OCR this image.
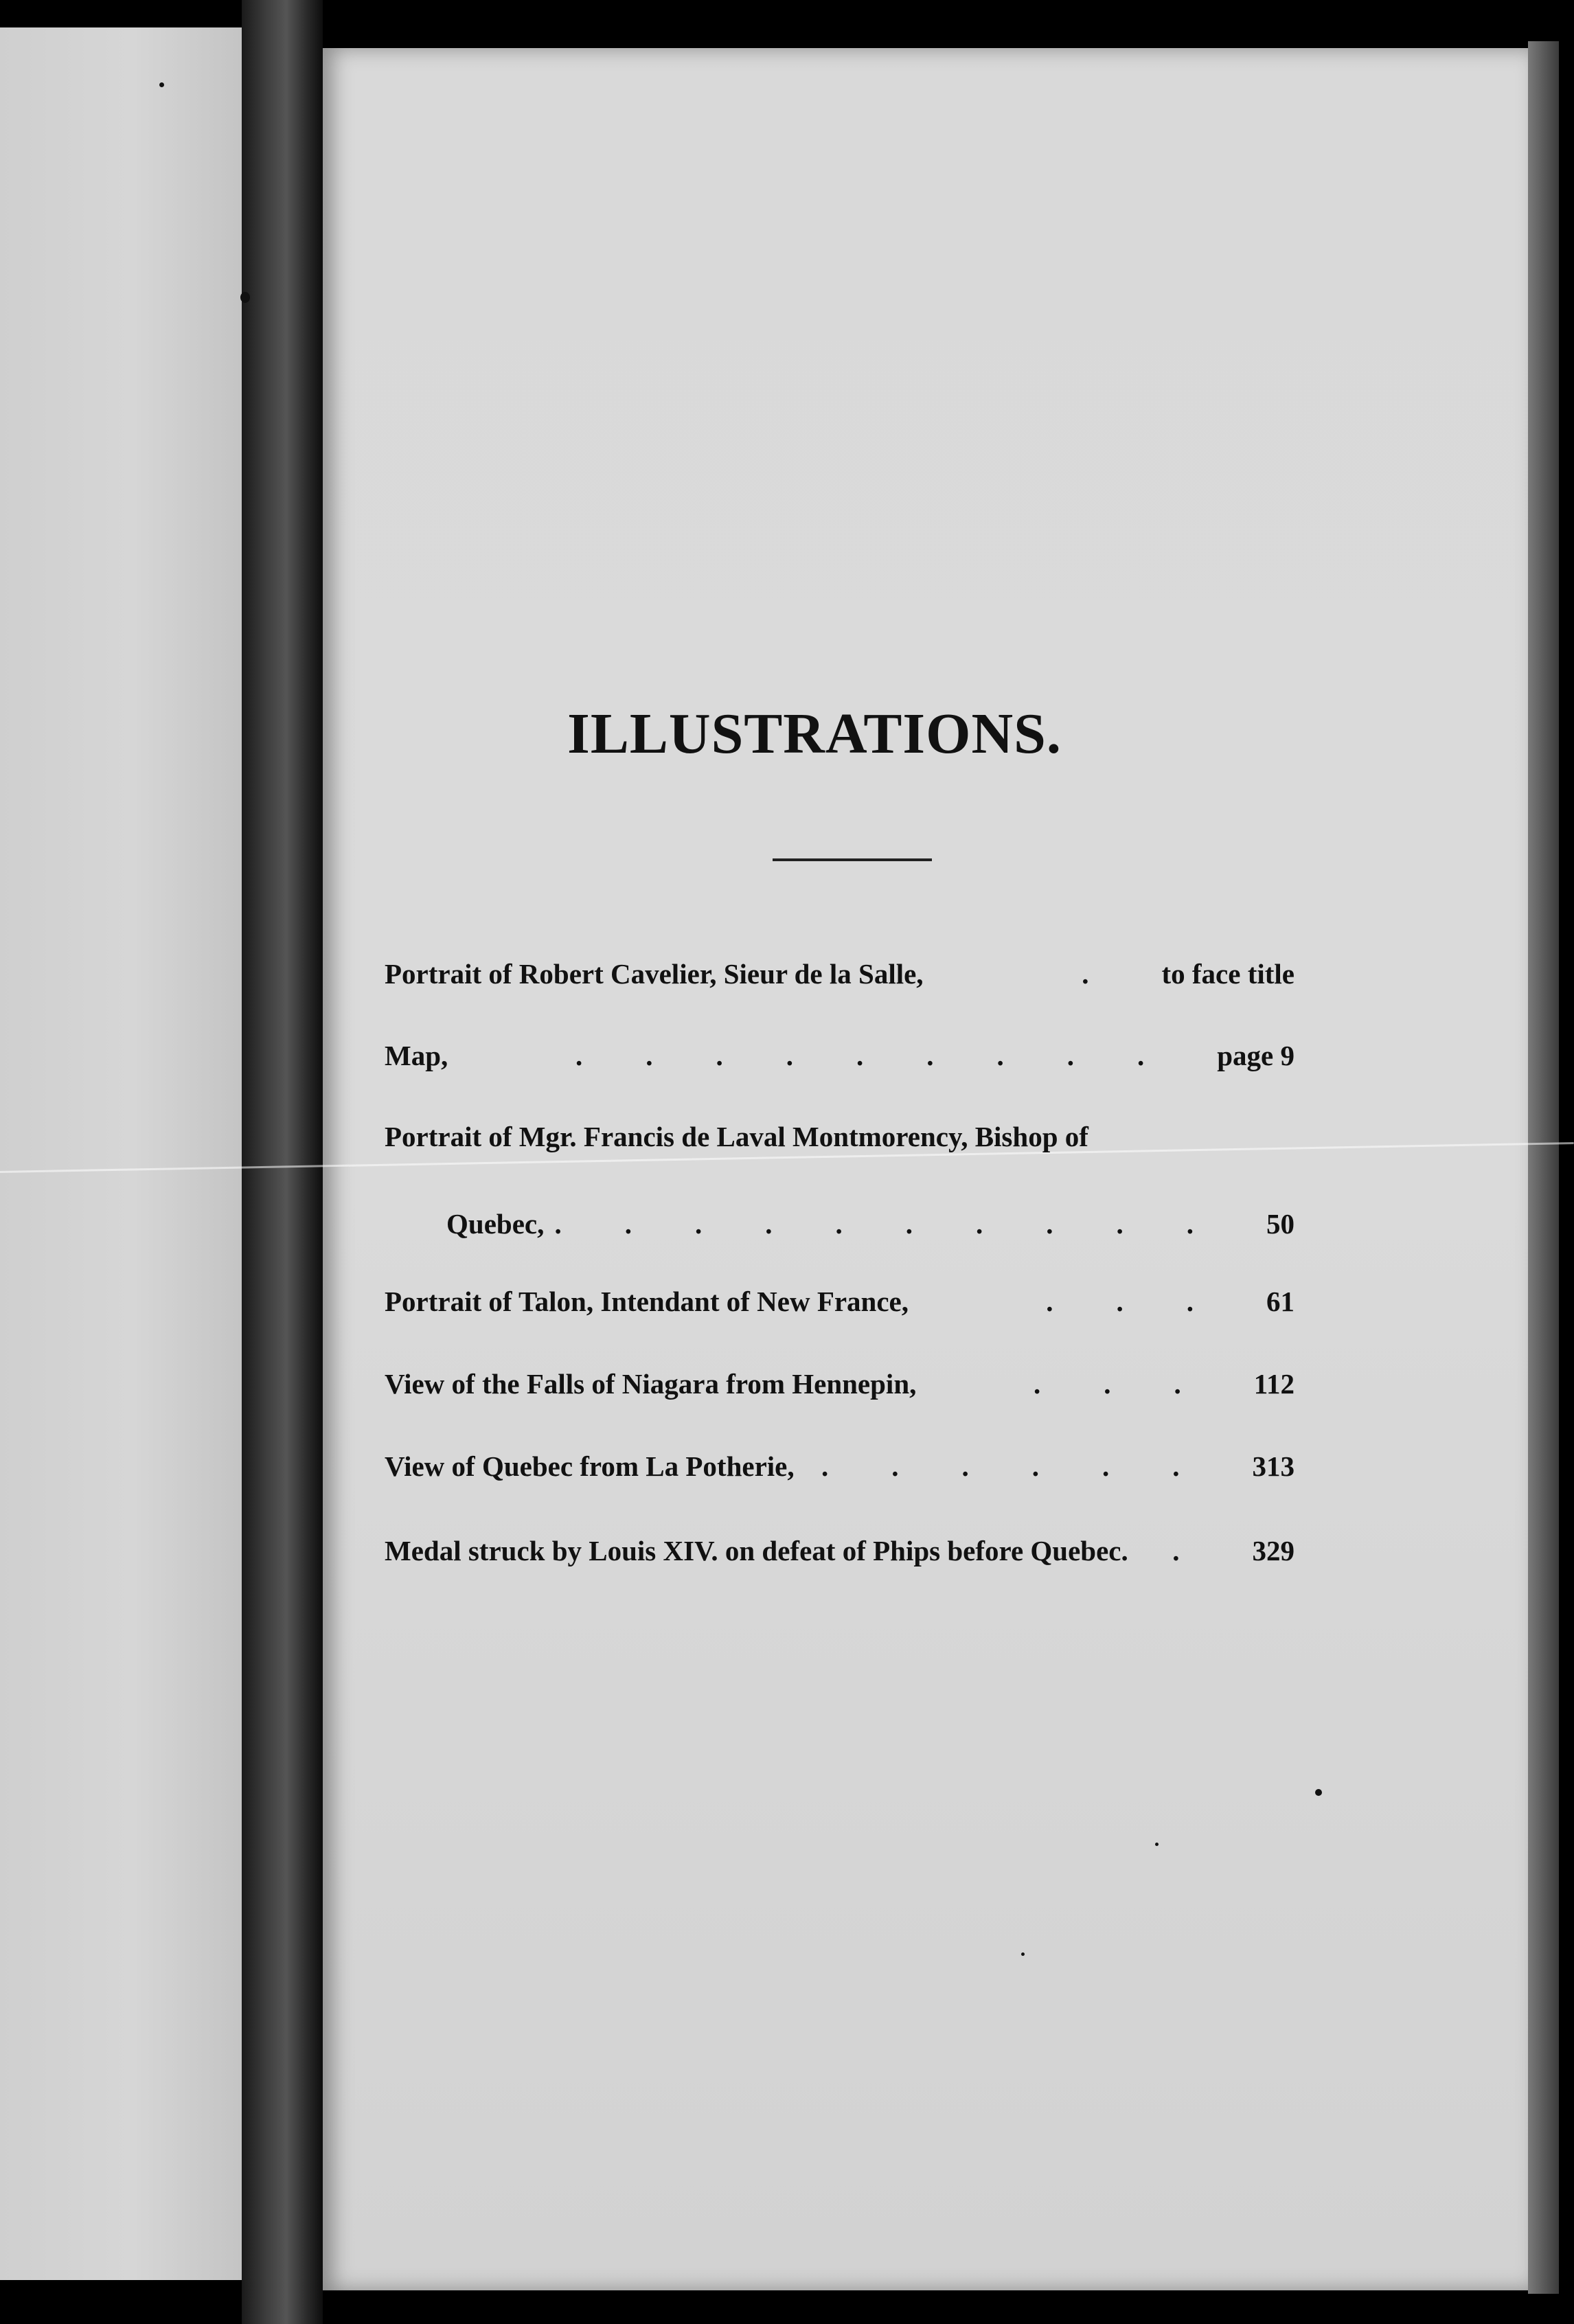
ILLUSTRATIONS.
Portrait of Robert Cavelier, Sieur de la Salle,	. to face title
Map,	......... page 9
Portrait of Mgr. Francis de Laval Montmorency, Bishop of
Quebec, .......... 50
Portrait of Talon, Intendant of New France,	... 61
View of the Falls of Niagara from Hennepin,	... 112
View of Quebec from La Potherie, ...... 313
Medal struck by Louis XIV. on defeat of Phips before Quebec.	. 329
